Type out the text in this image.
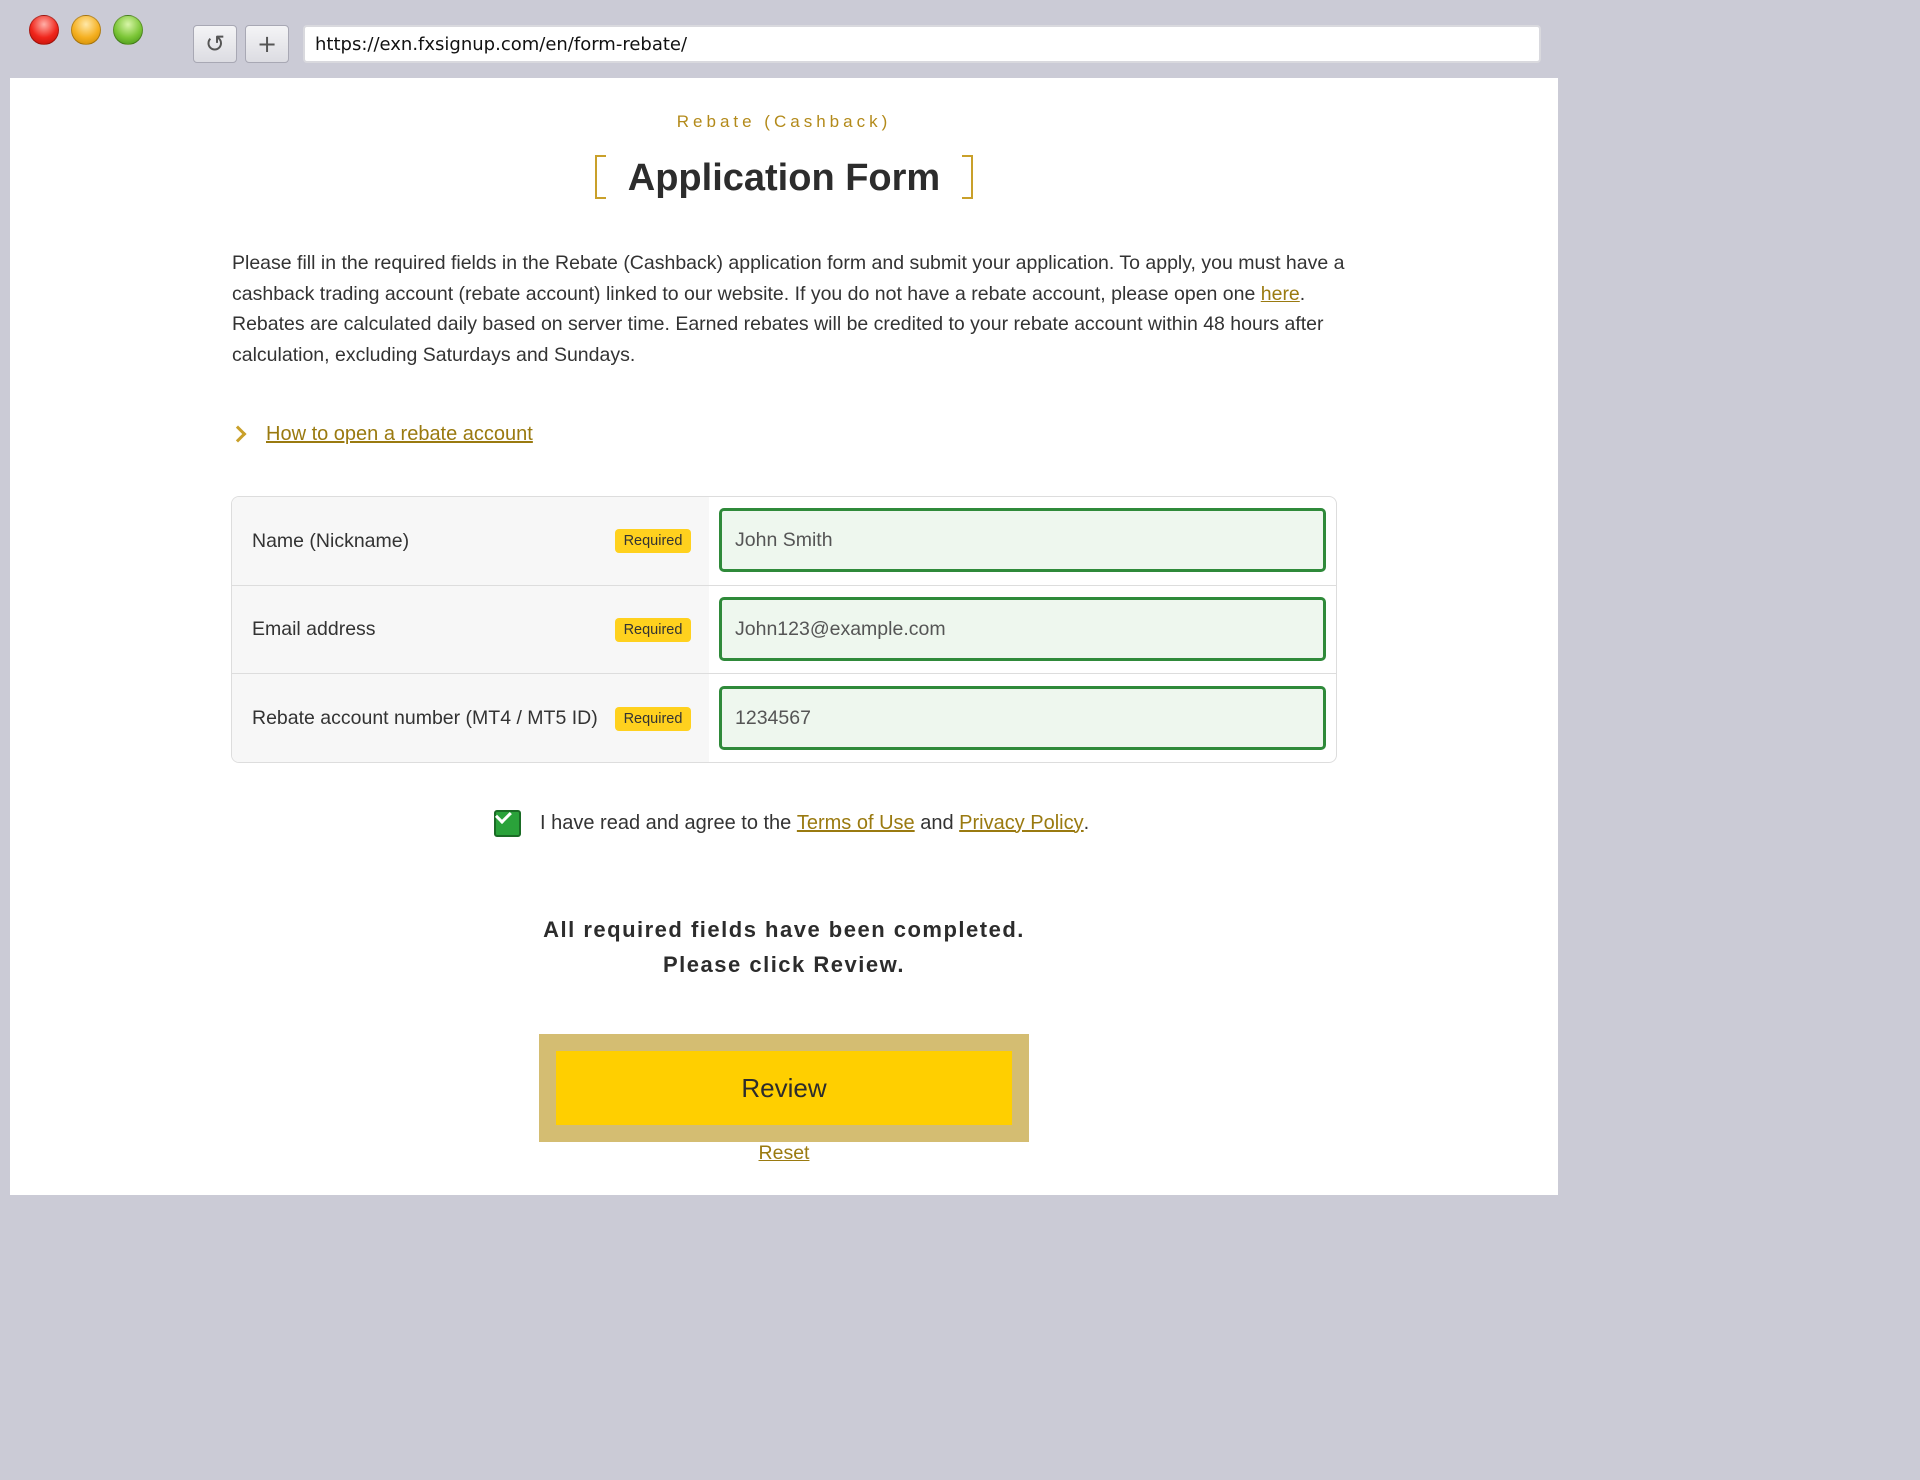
↺ + https://exn.fxsignup.com/en/form-rebate/
Rebate (Cashback)
Application Form

Please fill in the required fields in the Rebate (Cashback) application form and submit your application. To apply, you must have a cashback trading account (rebate account) linked to our website. If you do not have a rebate account, please open one here.

Rebates are calculated daily based on server time. Earned rebates will be credited to your rebate account within 48 hours after calculation, excluding Saturdays and Sundays.

How to open a rebate account
Name (Nickname)	Required	John Smith
Email address	Required	John123@example.com
Rebate account number (MT4 / MT5 ID)	Required	1234567
I have read and agree to the Terms of Use and Privacy Policy .
All required fields have been completed.
Please click Review.
Review
Reset
